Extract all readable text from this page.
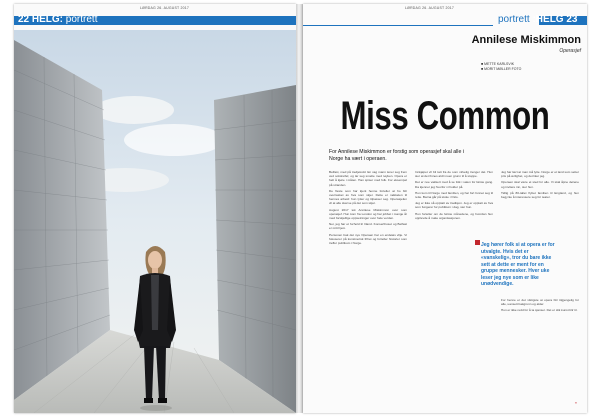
LØRDAG 26. AUGUST 2017
22 HELG: portrett
LØRDAG 26. AUGUST 2017
portrett :HELG 23
Annilese Miskimmon
Operasjef
■ METTE KARLSVIK
■ MORIT MØLLER FOTO
Miss Common
For Annilese Miskimmon er forstig som operasjef skal alle i Norge ha vært i operaen.

Belfast, med på tredjelodd. En vag mann lener seg frem ved solstreifet; og lar seg smelte med røyken. Opera er helt å kjøre i måten. Han spiser med folk. For eksempel på stranden.

De fleste som har kjent henne forteller at ho blir overrasket av hva som skjer. Dette er nøkkelen til hennes arbeid: hun lytter og tilpasser seg. Operasjefen vil at alle skal se på det som skjer.

August 2017 tok Annilese Miskimmon over som operasjef. Hun kom fra London og har jobbet i mange år med forskjellige oppsetninger over hele verden.

Nei, jeg har et forhold til Irland. Konserthuset og Belfast er mitt hjem.

Personen bak det nye Operaen har en endeløs vilje. Vi fokuserer på kunstnerisk frihet og forteller historier som treffer publikum i Norge.

Innkjøpet vil bli tatt fra de som virkelig trenger det. Hun sier at det finnes aldri noen grunn til å stoppe.

Det er noe vakkert med å se folk i salen for første gang. Da kjenner jeg hvorfor vi holder på.

Hun kom til Norge med familien, og har fort funnet seg til rette. Barna går på skole i Oslo.

Jeg er ikke så opptatt av tradisjon. Jeg er opptatt av hva som fungerer for publikum i dag, sier hun.

Hun forteller om de første månedene, og hvordan hun opplevde å møte organisasjonen.

Jeg har lært at man må lytte. Norge er et land som setter pris på ærlighet, og det liker jeg.

Operaen skal være et sted for alle. Vi skal åpne dørene og invitere inn, sier hun.

Tidlig på 80-tallet flyttet familien til England, og hun begynte å interessere seg for teater.

For henne er det viktigste at opera blir tilgjengelig for alle, uansett bakgrunn og alder.

Hun er ikke redd for å ta sjanser. Det er slik kunst blir til.

Jeg hører folk si at opera er for utvalgte. Hvis det er «vanskelig», tror du bare ikke sett at dette er ment for en gruppe mennesker. Hver uke leser jeg nye som er like unødvendige.
»
